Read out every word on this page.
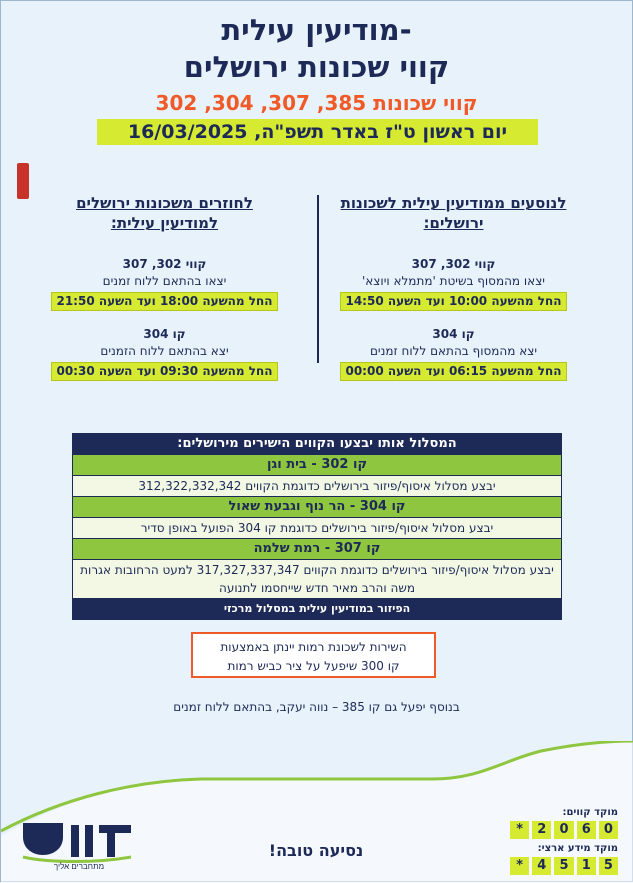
מודיעין עילית-
קווי שכונות ירושלים
קווי שכונות 385, 307, 304, 302
יום ראשון ט"ז באדר תשפ"ה, 16/03/2025
לנוסעים ממודיעין עילית לשכונות ירושלים:
קווי 302, 307
יצאו מהמסוף בשיטת 'מתמלא ויוצא'
החל מהשעה 10:00 ועד השעה 14:50
קו 304
יצא מהמסוף בהתאם ללוח זמנים
החל מהשעה 06:15 ועד השעה 00:00
לחוזרים משכונות ירושלים למודיעין עילית:
קווי 302, 307
יצאו בהתאם ללוח זמנים
החל מהשעה 18:00 ועד השעה 21:50
קו 304
יצא בהתאם ללוח הזמנים
החל מהשעה 09:30 ועד השעה 00:30
המסלול אותו יבצעו הקווים הישירים מירושלים:
קו 302 - בית וגן
יבצע מסלול איסוף/פיזור בירושלים כדוגמת הקווים 312,322,332,342
קו 304 - הר נוף וגבעת שאול
יבצע מסלול איסוף/פיזור בירושלים כדוגמת קו 304 הפועל באופן סדיר
קו 307 - רמת שלמה
יבצע מסלול איסוף/פיזור בירושלים כדוגמת הקווים 317,327,337,347 למעט הרחובות אגרות משה והרב מאיר חדש שייחסמו לתנועה
הפיזור במודיעין עילית במסלול מרכזי
השירות לשכונת רמות יינתן באמצעות
קו 300 שיפעל על ציר כביש רמות
בנוסף יפעל גם קו 385 – נווה יעקב, בהתאם ללוח זמנים
נסיעה טובה!
מוקד קווים:
*	2	0	6	0
מוקד מידע ארצי:
*	4	5	1	5
מתחברים אליך
